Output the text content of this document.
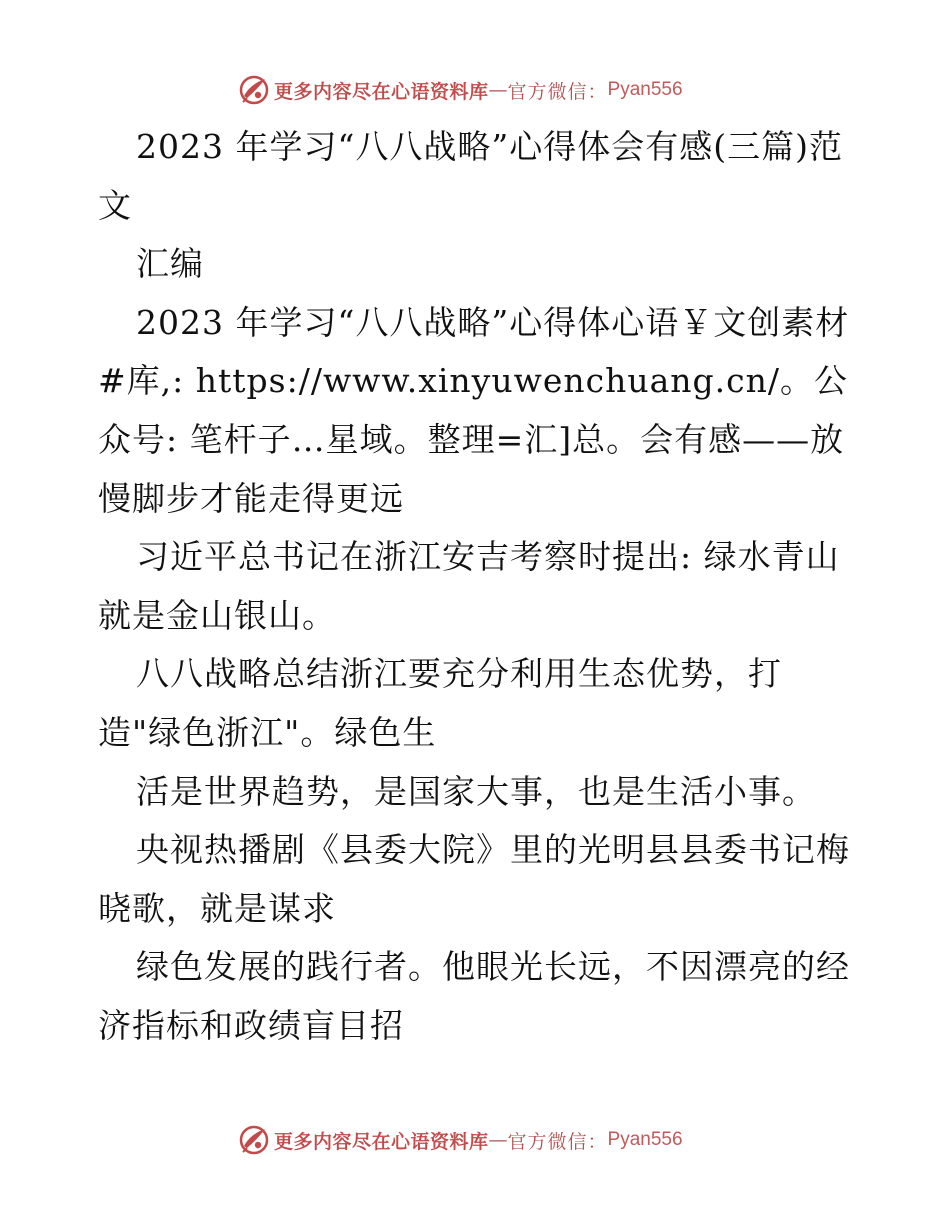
更多内容尽在心语资料库 — 官方微信： Pyan556

2023 年学习“八八战略”心得体会有感(三篇)范文

汇编

2023 年学习“八八战略”心得体心语￥文创素材#库,: https://www.xinyuwenchuang.cn/。公众号: 笔杆子…星域。整理=汇]总。会有感——放慢脚步才能走得更远

习近平总书记在浙江安吉考察时提出: 绿水青山就是金山银山。

八八战略总结浙江要充分利用生态优势，打

造"绿色浙江"。绿色生

活是世界趋势，是国家大事，也是生活小事。

央视热播剧《县委大院》里的光明县县委书记梅晓歌，就是谋求

绿色发展的践行者。他眼光长远，不因漂亮的经济指标和政绩盲目招

更多内容尽在心语资料库 — 官方微信： Pyan556
